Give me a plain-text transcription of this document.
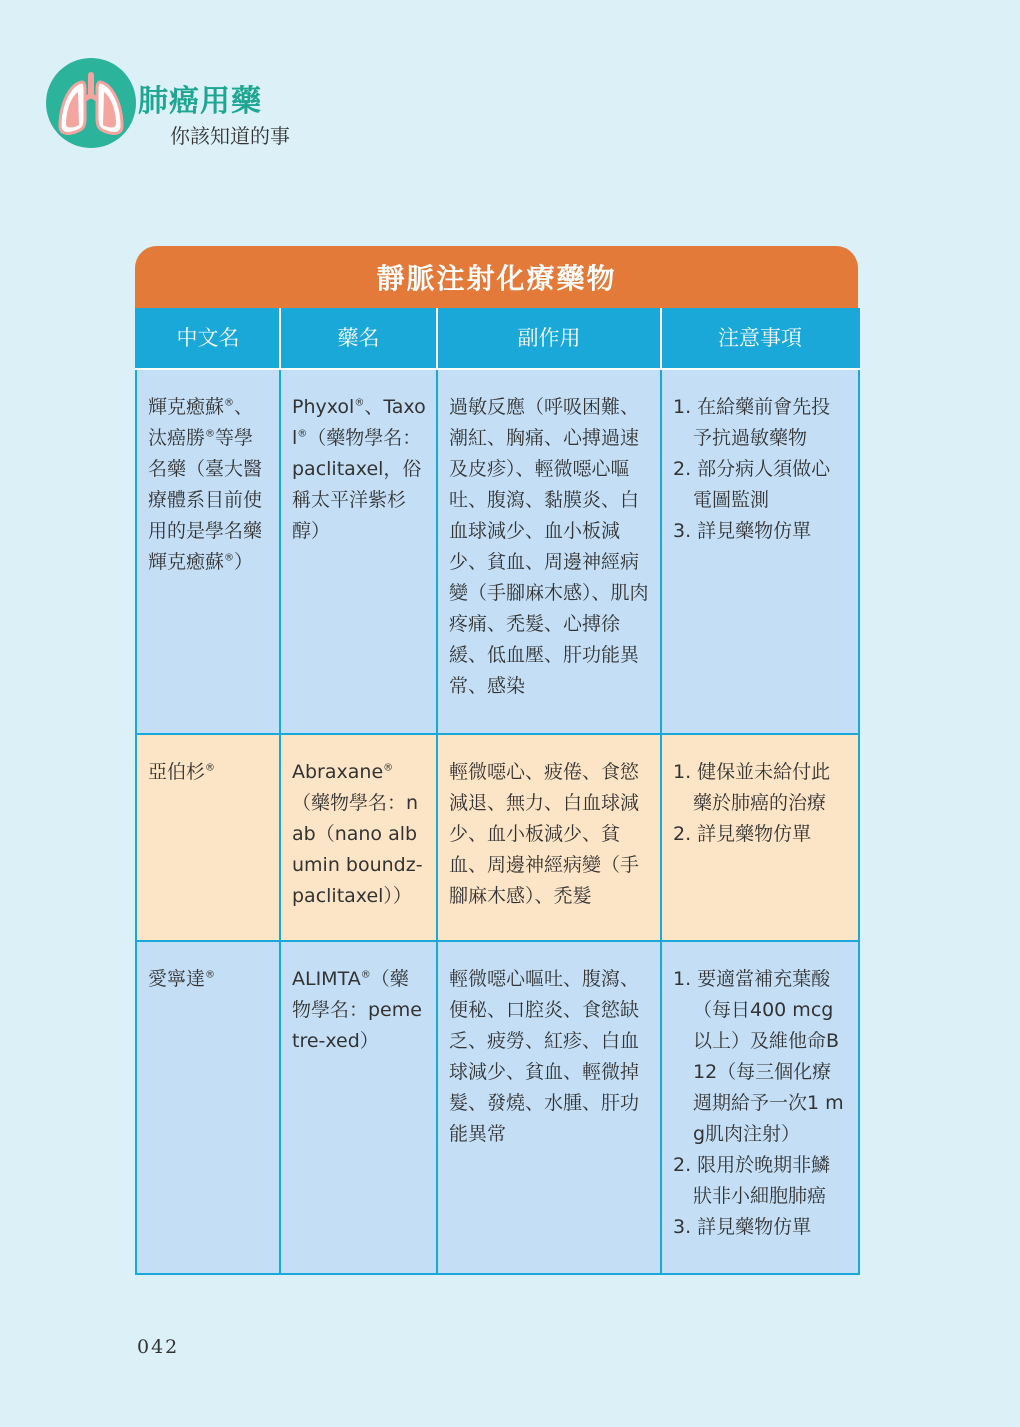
肺癌用藥
你該知道的事
靜脈注射化療藥物
中文名	藥名	副作用	注意事項
輝克癒蘇®、汰癌勝®等學名藥（臺大醫療體系目前使用的是學名藥輝克癒蘇®）	Phyxol®、Taxol®（藥物學名：paclitaxel，俗稱太平洋紫杉醇）	過敏反應（呼吸困難、潮紅、胸痛、心搏過速及皮疹）、輕微噁心嘔吐、腹瀉、黏膜炎、白血球減少、血小板減少、貧血、周邊神經病變（手腳麻木感）、肌肉疼痛、禿髮、心搏徐緩、低血壓、肝功能異常、感染	1. 在給藥前會先投予抗過敏藥物
2. 部分病人須做心電圖監測
3. 詳見藥物仿單

亞伯杉®	Abraxane®（藥物學名：nab（nano albumin boundz-paclitaxel））	輕微噁心、疲倦、食慾減退、無力、白血球減少、血小板減少、貧血、周邊神經病變（手腳麻木感）、禿髮	1. 健保並未給付此藥於肺癌的治療
2. 詳見藥物仿單

愛寧達®	ALIMTA®（藥物學名：pemetre-xed）	輕微噁心嘔吐、腹瀉、便秘、口腔炎、食慾缺乏、疲勞、紅疹、白血球減少、貧血、輕微掉髮、發燒、水腫、肝功能異常	1. 要適當補充葉酸（每日400 mcg以上）及維他命B12（每三個化療週期給予一次1 mg肌肉注射）
2. 限用於晚期非鱗狀非小細胞肺癌
3. 詳見藥物仿單
042
